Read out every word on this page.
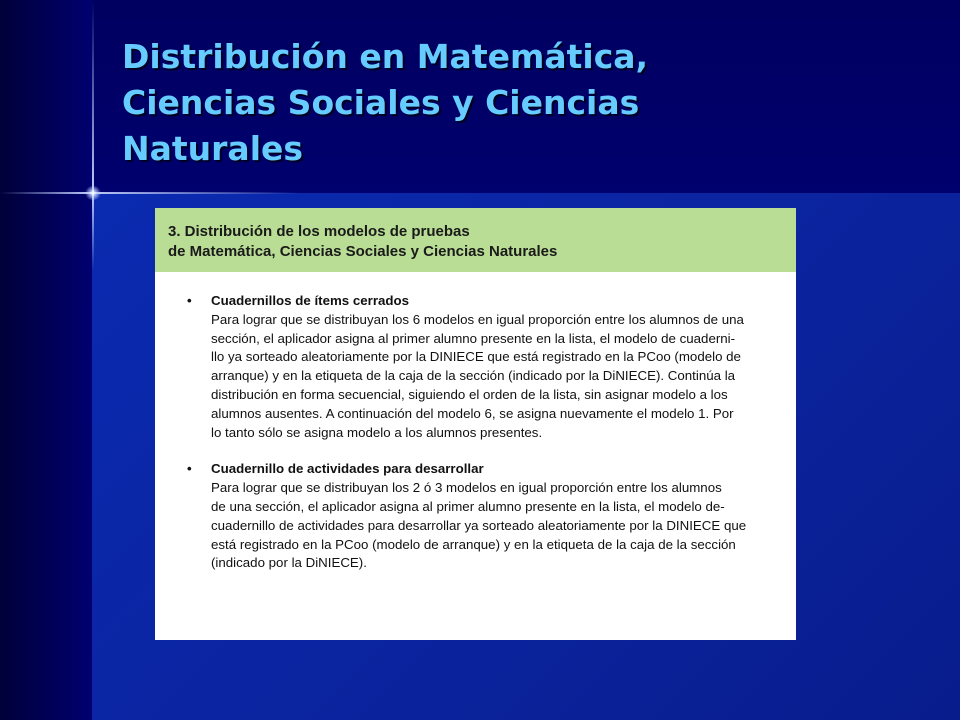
Distribución en Matemática,
Ciencias Sociales y Ciencias
Naturales
3. Distribución de los modelos de pruebas
de Matemática, Ciencias Sociales y Ciencias Naturales
• Cuadernillos de ítems cerrados
Para lograr que se distribuyan los 6 modelos en igual proporción entre los alumnos de una
sección, el aplicador asigna al primer alumno presente en la lista, el modelo de cuaderni-
llo ya sorteado aleatoriamente por la DINIECE que está registrado en la PCoo (modelo de
arranque) y en la etiqueta de la caja de la sección (indicado por la DiNIECE). Continúa la
distribución en forma secuencial, siguiendo el orden de la lista, sin asignar modelo a los
alumnos ausentes. A continuación del modelo 6, se asigna nuevamente el modelo 1. Por
lo tanto sólo se asigna modelo a los alumnos presentes.
• Cuadernillo de actividades para desarrollar
Para lograr que se distribuyan los 2 ó 3 modelos en igual proporción entre los alumnos
de una sección, el aplicador asigna al primer alumno presente en la lista, el modelo de-
cuadernillo de actividades para desarrollar ya sorteado aleatoriamente por la DINIECE que
está registrado en la PCoo (modelo de arranque) y en la etiqueta de la caja de la sección
(indicado por la DiNIECE).
